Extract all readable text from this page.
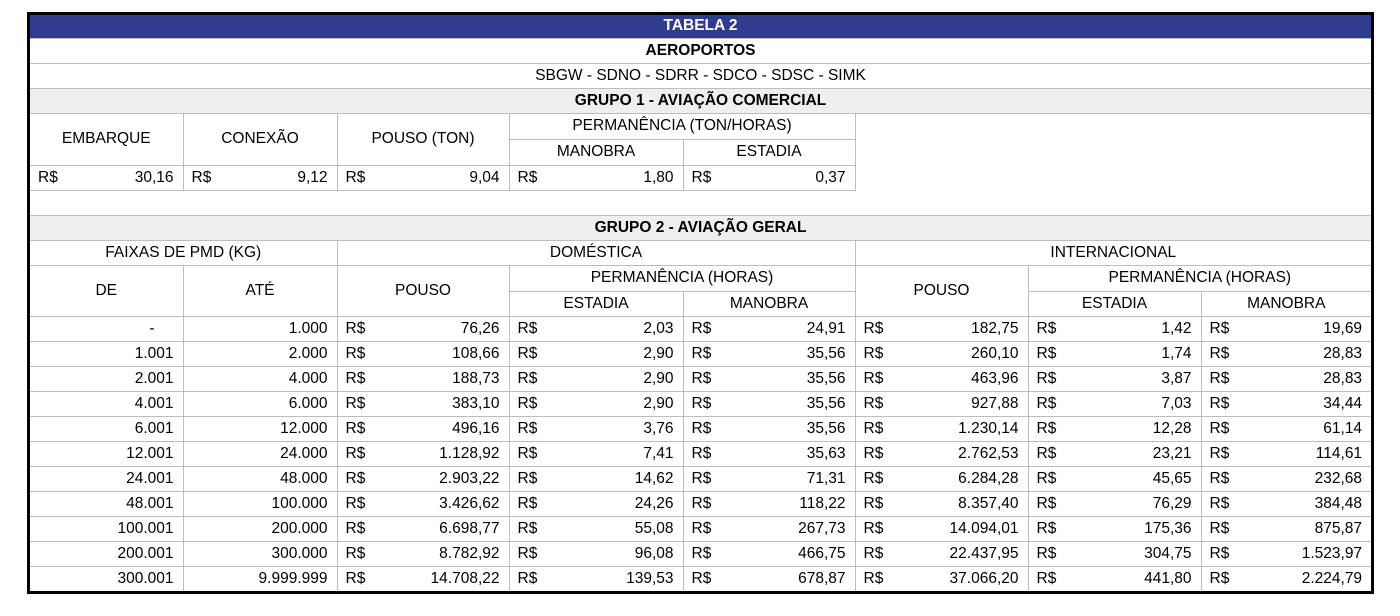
TABELA 2							
AEROPORTOS							
SBGW - SDNO - SDRR - SDCO - SDSC - SIMK							
GRUPO 1 - AVIAÇÃO COMERCIAL							
EMBARQUE	CONEXÃO	POUSO (TON)	PERMANÊNCIA (TON/HORAS)				
			MANOBRA	ESTADIA			

R$ 30,16	R$ 9,12	R$ 9,04	R$ 1,80	R$ 0,37			

GRUPO 2 - AVIAÇÃO GERAL							
FAIXAS DE PMD (KG)		DOMÉSTICA			INTERNACIONAL		
DE	ATÉ	POUSO	PERMANÊNCIA (HORAS)		POUSO	PERMANÊNCIA (HORAS)	
			ESTADIA	MANOBRA		ESTADIA	MANOBRA
-	1.000	R$ 76,26	R$ 2,03	R$ 24,91	R$ 182,75	R$ 1,42	R$ 19,69
1.001	2.000	R$ 108,66	R$ 2,90	R$ 35,56	R$ 260,10	R$ 1,74	R$ 28,83
2.001	4.000	R$ 188,73	R$ 2,90	R$ 35,56	R$ 463,96	R$ 3,87	R$ 28,83
4.001	6.000	R$ 383,10	R$ 2,90	R$ 35,56	R$ 927,88	R$ 7,03	R$ 34,44
6.001	12.000	R$ 496,16	R$ 3,76	R$ 35,56	R$ 1.230,14	R$ 12,28	R$ 61,14
12.001	24.000	R$ 1.128,92	R$ 7,41	R$ 35,63	R$ 2.762,53	R$ 23,21	R$ 114,61
24.001	48.000	R$ 2.903,22	R$ 14,62	R$ 71,31	R$ 6.284,28	R$ 45,65	R$ 232,68
48.001	100.000	R$ 3.426,62	R$ 24,26	R$ 118,22	R$ 8.357,40	R$ 76,29	R$ 384,48
100.001	200.000	R$ 6.698,77	R$ 55,08	R$ 267,73	R$ 14.094,01	R$ 175,36	R$ 875,87
200.001	300.000	R$ 8.782,92	R$ 96,08	R$ 466,75	R$ 22.437,95	R$ 304,75	R$ 1.523,97
300.001	9.999.999	R$ 14.708,22	R$ 139,53	R$ 678,87	R$ 37.066,20	R$ 441,80	R$ 2.224,79
